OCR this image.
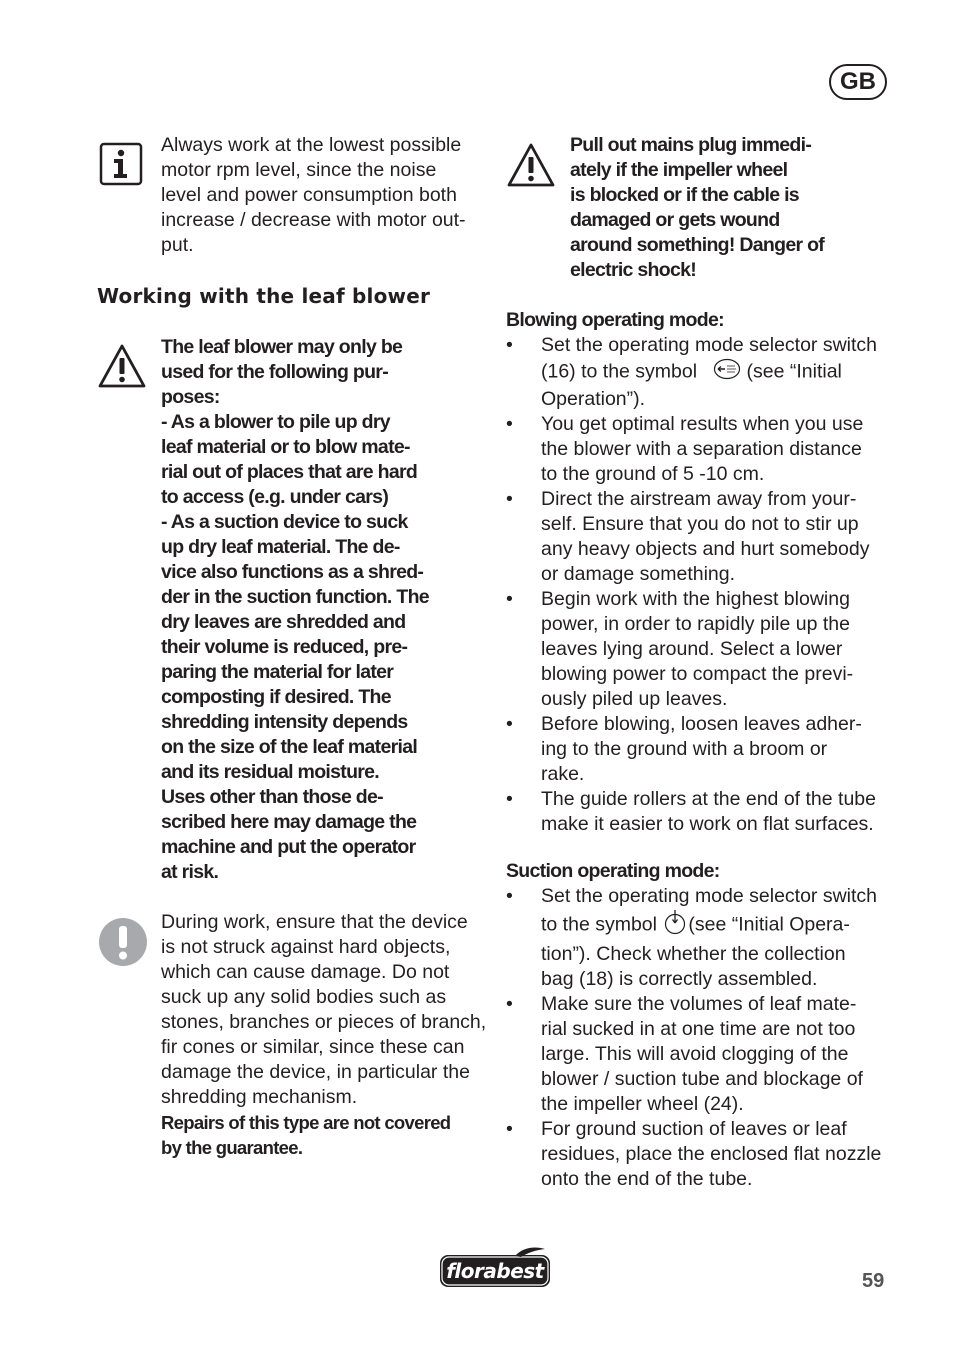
GB

Always work at the lowest possible

motor rpm level, since the noise

level and power consumption both

increase / decrease with motor out-

put.

Working with the leaf blower

The leaf blower may only be

used for the following pur-

poses:

- As a blower to pile up dry

leaf material or to blow mate-

rial out of places that are hard

to access (e.g. under cars)

- As a suction device to suck

up dry leaf material. The de-

vice also functions as a shred-

der in the suction function. The

dry leaves are shredded and

their volume is reduced, pre-

paring the material for later

composting if desired. The

shredding intensity depends

on the size of the leaf material

and its residual moisture.

Uses other than those de-

scribed here may damage the

machine and put the operator

at risk.

During work, ensure that the device

is not struck against hard objects,

which can cause damage. Do not

suck up any solid bodies such as

stones, branches or pieces of branch,

fir cones or similar, since these can

damage the device, in particular the

shredding mechanism.

Repairs of this type are not covered

by the guarantee.

Pull out mains plug immedi-

ately if the impeller wheel

is blocked or if the cable is

damaged or gets wound

around something! Danger of

electric shock!

Blowing operating mode:

• Set the operating mode selector switch

(16) to the symbol	(see “Initial

Operation”).

• You get optimal results when you use

the blower with a separation distance

to the ground of 5 -10 cm.

• Direct the airstream away from your-

self. Ensure that you do not to stir up

any heavy objects and hurt somebody

or damage something.

• Begin work with the highest blowing

power, in order to rapidly pile up the

leaves lying around. Select a lower

blowing power to compact the previ-

ously piled up leaves.

• Before blowing, loosen leaves adher-

ing to the ground with a broom or

rake.

• The guide rollers at the end of the tube

make it easier to work on flat surfaces.

Suction operating mode:

• Set the operating mode selector switch

to the symbol (see “Initial Opera-

tion”). Check whether the collection

bag (18) is correctly assembled.

• Make sure the volumes of leaf mate-

rial sucked in at one time are not too

large. This will avoid clogging of the

blower / suction tube and blockage of

the impeller wheel (24).

• For ground suction of leaves or leaf

residues, place the enclosed flat nozzle

onto the end of the tube.

florabest	59
